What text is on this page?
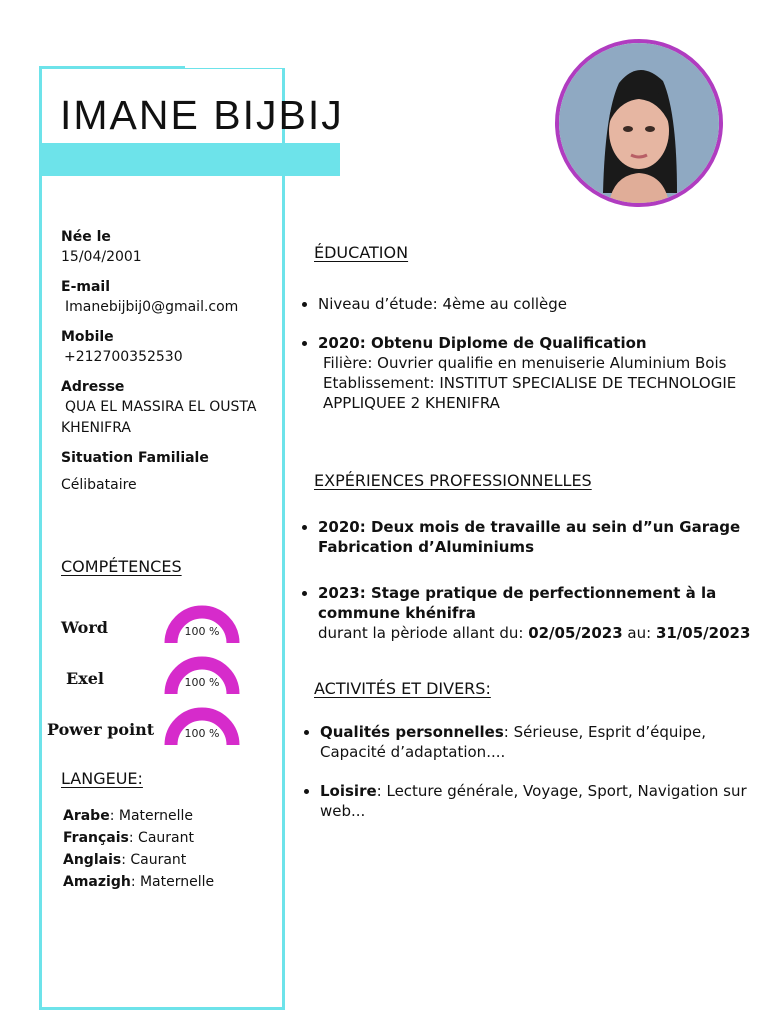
IMANE BIJBIJ

Née le

15/04/2001

E-mail

Imanebijbij0@gmail.com

Mobile

+212700352530

Adresse

QUA EL MASSIRA EL OUSTA

KHENIFRA

Situation Familiale

Célibataire

COMPÉTENCES
Word	100 %
Exel	100 %
Power point	100 %
LANGEUE:

Arabe: Maternelle

Français: Caurant

Anglais: Caurant

Amazigh: Maternelle

ÉDUCATION
Niveau d’étude: 4ème au collège
2020: Obtenu Diplome de Qualification
Filière: Ouvrier qualifie en menuiserie Aluminium Bois
Etablissement: INSTITUT SPECIALISE DE TECHNOLOGIE
APPLIQUEE 2 KHENIFRA
EXPÉRIENCES PROFESSIONNELLES
2020: Deux mois de travaille au sein d”un Garage
Fabrication d’Aluminiums
2023: Stage pratique de perfectionnement à la
commune khénifra
durant la pèriode allant du: 02/05/2023 au: 31/05/2023
ACTIVITÉS ET DIVERS:
Qualités personnelles: Sérieuse, Esprit d’équipe,
Capacité d’adaptation....
Loisire: Lecture générale, Voyage, Sport, Navigation sur
web...
